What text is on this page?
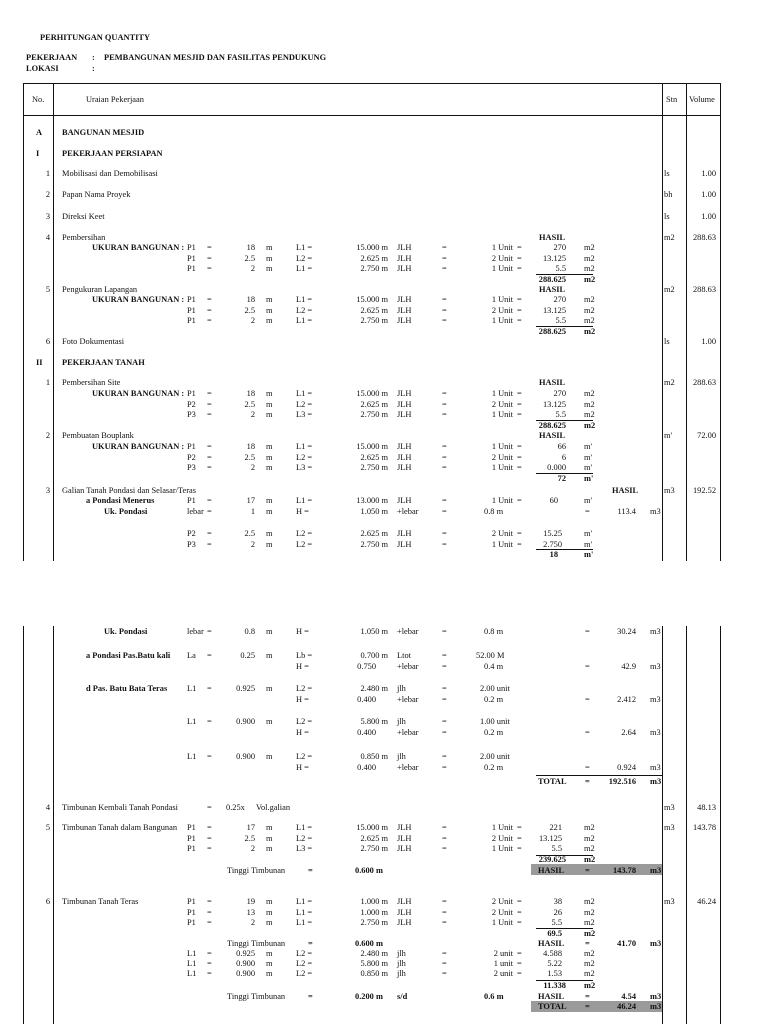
PERHITUNGAN QUANTITY
PEKERJAAN : PEMBANGUNAN MESJID DAN FASILITAS PENDUKUNG
LOKASI	:
No.	Uraian Pekerjaan	Stn Volume
A BANGUNAN MESJID
I	PEKERJAAN PERSIAPAN
1 Mobilisasi dan Demobilisasi	ls	1.00
2 Papan Nama Proyek	bh	1.00
3 Direksi Keet	ls	1.00
4 Pembersihan	m2	288.63
HASIL
UKURAN BANGUNAN : P1 =	18 m	L1 =	15.000 m JLH	=	1 Unit =	270 m2
P1 =	2.5 m	L2 =	2.625 m JLH	=	2 Unit =	13.125 m2
P1 =	2 m	L1 =	2.750 m JLH	=	1 Unit =	5.5 m2
288.625 m2
5 Pengukuran Lapangan	m2	288.63
HASIL
UKURAN BANGUNAN : P1 =	18 m	L1 =	15.000 m JLH	=	1 Unit =	270 m2
P1 =	2.5 m	L2 =	2.625 m JLH	=	2 Unit =	13.125 m2
P1 =	2 m	L1 =	2.750 m JLH	=	1 Unit =	5.5 m2
288.625 m2
6 Foto Dokumentasi	ls	1.00
II PEKERJAAN TANAH
1 Pembersihan Site	m2	288.63
HASIL
UKURAN BANGUNAN : P1 =	18 m	L1 =	15.000 m JLH	=	1 Unit =	270 m2
P2 =	2.5 m	L2 =	2.625 m JLH	=	2 Unit =	13.125 m2
P3 =	2 m	L3 =	2.750 m JLH	=	1 Unit =	5.5 m2
288.625 m2
2 Pembuatan Bouplank	m'	72.00
HASIL
UKURAN BANGUNAN : P1 =	18 m	L1 =	15.000 m JLH	=	1 Unit =	66 m'
P2 =	2.5 m	L2 =	2.625 m JLH	=	2 Unit =	6 m'
P3 =	2 m	L3 =	2.750 m JLH	=	1 Unit =	0.000 m'
72 m'
3 Galian Tanah Pondasi dan Selasar/Teras	m3	192.52
HASIL
a Pondasi Menerus	P1 =	17 m	L1 =	13.000 m JLH	=	1 Unit =	60	m'
Uk. Pondasi	lebar =	1 m	H =	1.050 m +lebar	=	0.8 m	=	113.4 m3
P2 =	2.5 m	L2 =	2.625 m JLH	=	2 Unit =	15.25	m'
P3 =	2 m	L2 =	2.750 m JLH	=	1 Unit =	2.750	m'
18	m'
Uk. Pondasi	lebar =	0.8 m	H =	1.050 m +lebar	=	0.8 m	=	30.24 m3
a Pondasi Pas.Batu kali La =	0.25 m	Lb =	0.700 m Ltot	=	52.00 M
H =	0.750	+lebar	=	0.4 m	=	42.9 m3
d Pas. Batu Bata Teras L1 =	0.925 m	L2 =	2.480 m jlh	=	2.00 unit
H =	0.400	+lebar	=	0.2 m	=	2.412 m3
L1 =	0.900 m	L2 =	5.800 m jlh	=	1.00 unit
H =	0.400	+lebar	=	0.2 m	=	2.64 m3
L1 =	0.900 m	L2 =	0.850 m jlh	=	2.00 unit
H =	0.400	+lebar	=	0.2 m	=	0.924 m3
TOTAL =	192.516 m3
4 Timbunan Kembali Tanah Pondasi	m3	48.13
= 0.25x Vol.galian
5 Timbunan Tanah dalam Bangunan	m3	143.78
P1 =	17 m	L1 =	15.000 m JLH	=	1 Unit =	221	m2
P1 =	2.5 m	L2 =	2.625 m JLH	=	2 Unit =	13.125	m2
P1 =	2 m	L3 =	2.750 m JLH	=	1 Unit =	5.5	m2
239.625 m2
Tinggi Timbunan	=	0.600 m	HASIL =	143.78 m3
6 Timbunan Tanah Teras	m3	46.24
P1 =	19 m	L1 =	1.000 m JLH	=	2 Unit =	38	m2
P1 =	13 m	L1 =	1.000 m JLH	=	2 Unit =	26	m2
P1 =	2 m	L1 =	2.750 m JLH	=	1 Unit =	5.5	m2
69.5	m2
Tinggi Timbunan	=	0.600 m	HASIL =	41.70 m3
L1 =	0.925 m	L2 =	2.480 m jlh	=	2 unit =	4.588	m2
L1 =	0.900 m	L2 =	5.800 m jlh	=	1 unit =	5.22	m2
L1 =	0.900 m	L2 =	0.850 m jlh	=	2 unit =	1.53	m2
11.338 m2
Tinggi Timbunan	=	0.200 m s/d	0.6 m	HASIL =	4.54 m3
TOTAL =	46.24 m3
